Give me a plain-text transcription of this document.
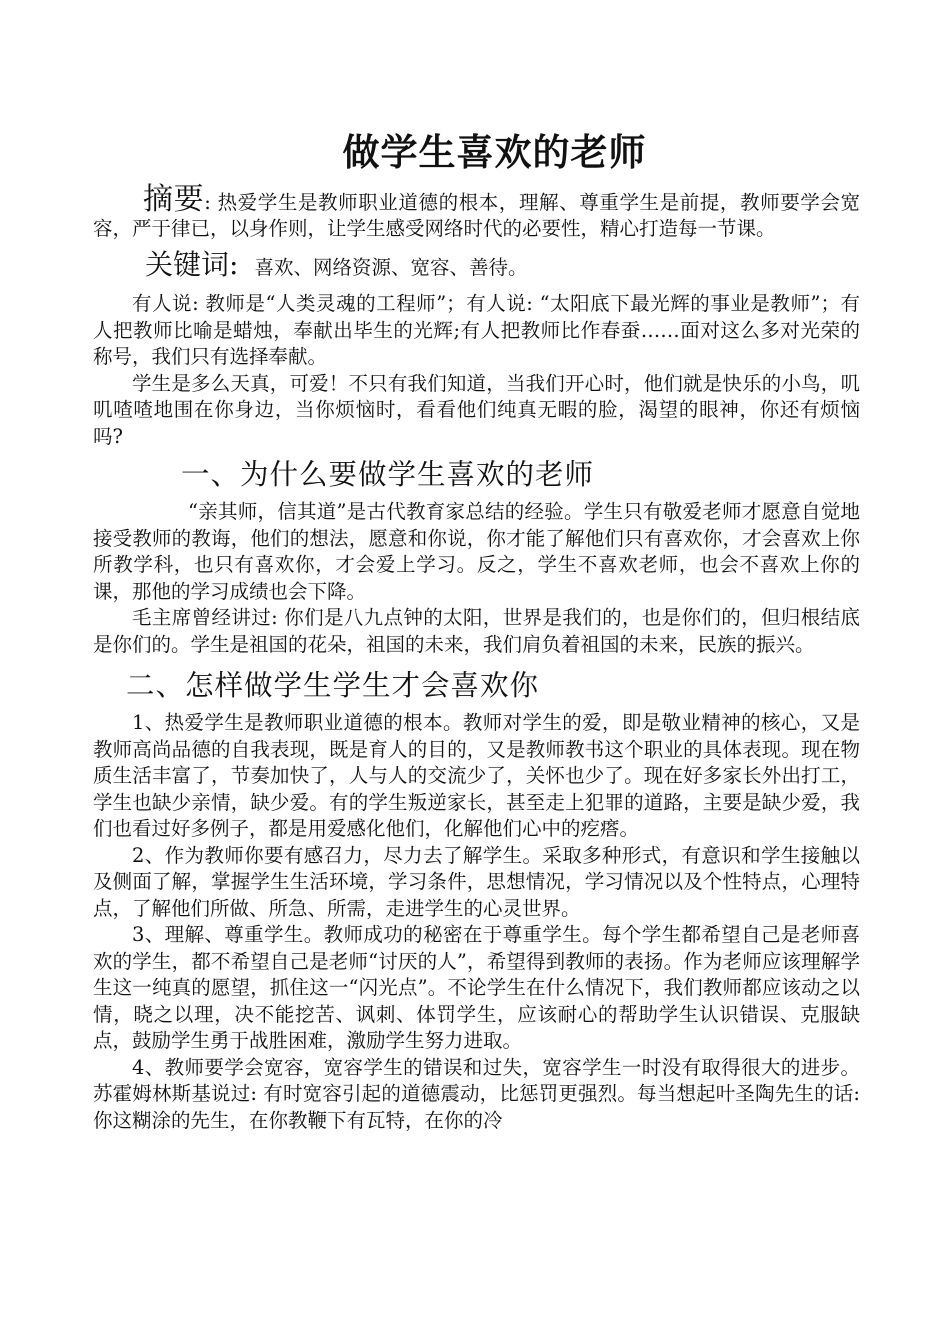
做学生喜欢的老师

摘要: 热爱学生是教师职业道德的根本，理解、尊重学生是前提，教师要学会宽容，严于律已，以身作则，让学生感受网络时代的必要性，精心打造每一节课。

关键词: 喜欢、网络资源、宽容、善待。

有人说: 教师是“人类灵魂的工程师”；有人说: “太阳底下最光辉的事业是教师”；有人把教师比喻是蜡烛，奉献出毕生的光辉;有人把教师比作春蚕……面对这么多对光荣的称号，我们只有选择奉献。

学生是多么天真，可爱！不只有我们知道，当我们开心时，他们就是快乐的小鸟，叽叽喳喳地围在你身边，当你烦恼时，看看他们纯真无暇的脸，渴望的眼神，你还有烦恼吗?

一、为什么要做学生喜欢的老师

“亲其师，信其道”是古代教育家总结的经验。学生只有敬爱老师才愿意自觉地接受教师的教诲，他们的想法，愿意和你说，你才能了解他们只有喜欢你，才会喜欢上你所教学科，也只有喜欢你，才会爱上学习。反之，学生不喜欢老师，也会不喜欢上你的课，那他的学习成绩也会下降。

毛主席曾经讲过: 你们是八九点钟的太阳，世界是我们的，也是你们的，但归根结底是你们的。学生是祖国的花朵，祖国的未来，我们肩负着祖国的未来，民族的振兴。

二、怎样做学生学生才会喜欢你

1、热爱学生是教师职业道德的根本。教师对学生的爱，即是敬业精神的核心，又是教师高尚品德的自我表现，既是育人的目的，又是教师教书这个职业的具体表现。现在物质生活丰富了，节奏加快了，人与人的交流少了，关怀也少了。现在好多家长外出打工，学生也缺少亲情，缺少爱。有的学生叛逆家长，甚至走上犯罪的道路，主要是缺少爱，我们也看过好多例子，都是用爱感化他们，化解他们心中的疙瘩。

2、作为教师你要有感召力，尽力去了解学生。采取多种形式，有意识和学生接触以及侧面了解，掌握学生生活环境，学习条件，思想情况，学习情况以及个性特点，心理特点，了解他们所做、所急、所需，走进学生的心灵世界。

3、理解、尊重学生。教师成功的秘密在于尊重学生。每个学生都希望自己是老师喜欢的学生，都不希望自己是老师“讨厌的人”，希望得到教师的表扬。作为老师应该理解学生这一纯真的愿望，抓住这一“闪光点”。不论学生在什么情况下，我们教师都应该动之以情，晓之以理，决不能挖苦、讽刺、体罚学生，应该耐心的帮助学生认识错误、克服缺点，鼓励学生勇于战胜困难，激励学生努力进取。

4、教师要学会宽容，宽容学生的错误和过失，宽容学生一时没有取得很大的进步。苏霍姆林斯基说过: 有时宽容引起的道德震动，比惩罚更强烈。每当想起叶圣陶先生的话: 你这糊涂的先生，在你教鞭下有瓦特，在你的冷
